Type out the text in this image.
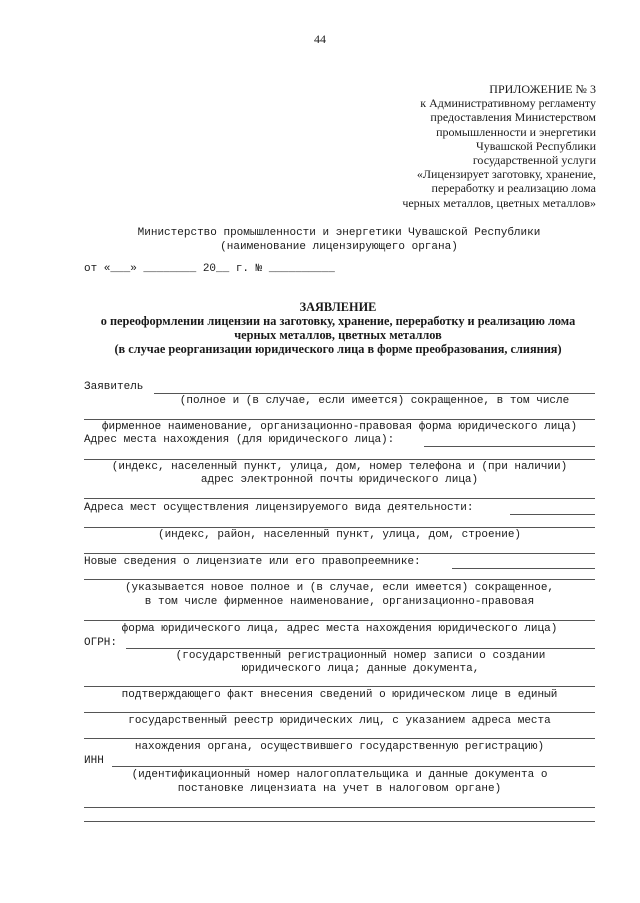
44
ПРИЛОЖЕНИЕ № 3
к Административному регламенту
предоставления Министерством
промышленности и энергетики
Чувашской Республики
государственной услуги
«Лицензирует заготовку, хранение,
переработку и реализацию лома
черных металлов, цветных металлов»
Министерство промышленности и энергетики Чувашской Республики
(наименование лицензирующего органа)
от «___» ________ 20__ г. № __________
ЗАЯВЛЕНИЕ
о переоформлении лицензии на заготовку, хранение, переработку и реализацию лома
черных металлов, цветных металлов
(в случае реорганизации юридического лица в форме преобразования, слияния)
Заявитель
(полное и (в случае, если имеется) сокращенное, в том числе
фирменное наименование, организационно-правовая форма юридического лица)
Адрес места нахождения (для юридического лица):
(индекс, населенный пункт, улица, дом, номер телефона и (при наличии)
адрес электронной почты юридического лица)
Адреса мест осуществления лицензируемого вида деятельности:
(индекс, район, населенный пункт, улица, дом, строение)
Новые сведения о лицензиате или его правопреемнике:
(указывается новое полное и (в случае, если имеется) сокращенное,
в том числе фирменное наименование, организационно-правовая
форма юридического лица, адрес места нахождения юридического лица)
ОГРН:
(государственный регистрационный номер записи о создании
юридического лица; данные документа,
подтверждающего факт внесения сведений о юридическом лице в единый
государственный реестр юридических лиц, с указанием адреса места
нахождения органа, осуществившего государственную регистрацию)
ИНН
(идентификационный номер налогоплательщика и данные документа о
постановке лицензиата на учет в налоговом органе)
